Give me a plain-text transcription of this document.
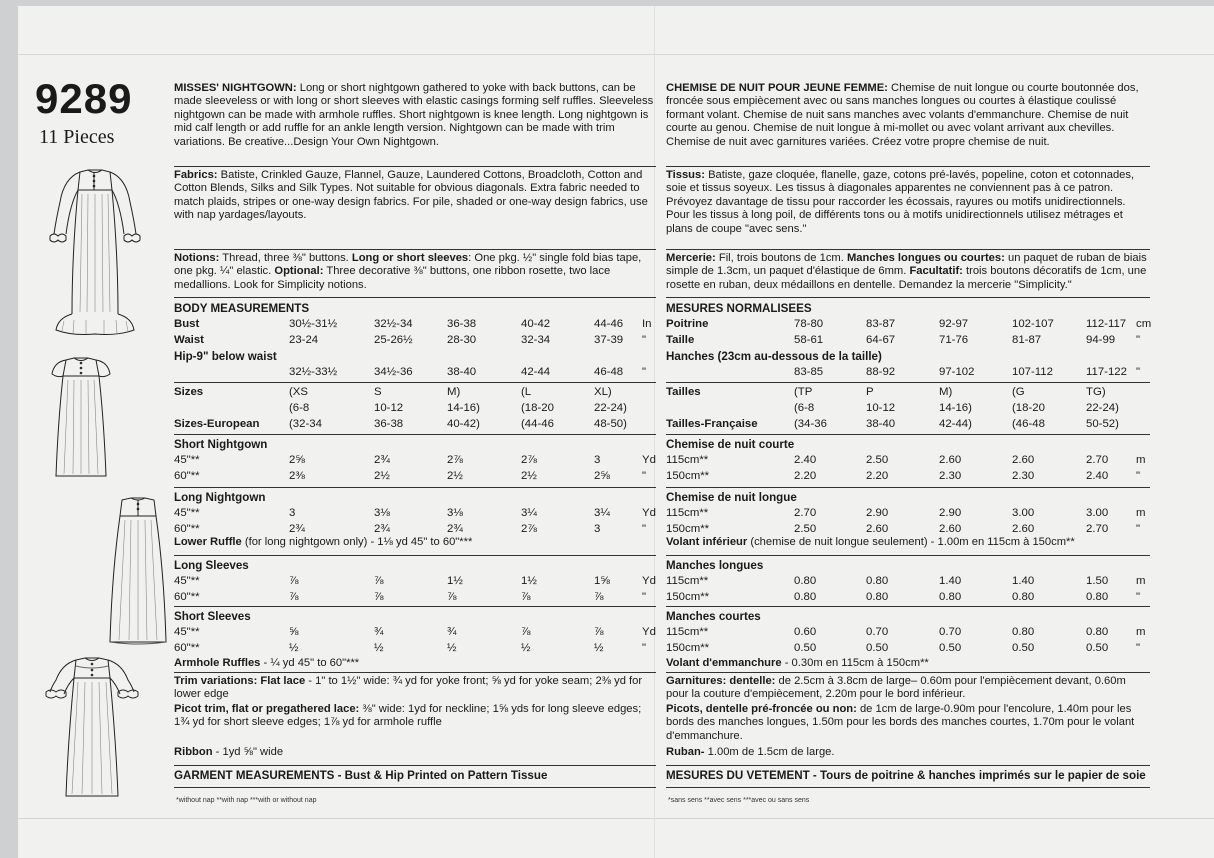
9289
11 Pieces
MISSES' NIGHTGOWN: Long or short nightgown gathered to yoke with back buttons, can be made sleeveless or with long or short sleeves with elastic casings forming self ruffles. Sleeveless nightgown can be made with armhole ruffles. Short nightgown is knee length. Long nightgown is mid calf length or add ruffle for an ankle length version. Nightgown can be made with trim variations. Be creative...Design Your Own Nightgown.
Fabrics: Batiste, Crinkled Gauze, Flannel, Gauze, Laundered Cottons, Broadcloth, Cotton and Cotton Blends, Silks and Silk Types. Not suitable for obvious diagonals. Extra fabric needed to match plaids, stripes or one-way design fabrics. For pile, shaded or one-way design fabrics, use with nap yardages/layouts.
Notions: Thread, three ⅜" buttons. Long or short sleeves: One pkg. ½" single fold bias tape, one pkg. ¼" elastic. Optional: Three decorative ⅜" buttons, one ribbon rosette, two lace medallions. Look for Simplicity notions.
BODY MEASUREMENTS
Bust	30½-31½	32½-34	36-38	40-42	44-46 In
Waist	23-24	25-26½	28-30	32-34	37-39 "
Hip-9" below waist
32½-33½	34½-36	38-40	42-44	46-48 "
Sizes	(XS	S	M)	(L	XL)
(6-8	10-12	14-16)	(18-20	22-24)
Sizes-European	(32-34	36-38	40-42)	(44-46	48-50)
Short Nightgown
45"**	2⅝	2¾	2⅞	2⅞	3	Yd
60"**	2⅜	2½	2½	2½	2⅝	"
Long Nightgown
45"**	3	3⅛	3⅛	3¼	3¼	Yd
60"**	2¾	2¾	2¾	2⅞	3	"
Long Sleeves
45"**	⅞	⅞	1½	1½	1⅝	Yd
60"**	⅞	⅞	⅞	⅞	⅞	"
Short Sleeves
45"**	⅝	¾	¾	⅞	⅞	Yd
60"**	½	½	½	½	½	"
Lower Ruffle (for long nightgown only) - 1⅛ yd 45" to 60"***
Armhole Ruffles - ¼ yd 45" to 60"***
Trim variations: Flat lace - 1" to 1½" wide: ¾ yd for yoke front; ⅝ yd for yoke seam; 2⅜ yd for lower edge
Picot trim, flat or pregathered lace: ⅜" wide: 1yd for neckline; 1⅝ yds for long sleeve edges; 1¾ yd for short sleeve edges; 1⅞ yd for armhole ruffle
Ribbon - 1yd ⅝" wide
GARMENT MEASUREMENTS - Bust & Hip Printed on Pattern Tissue
*without nap **with nap ***with or without nap
CHEMISE DE NUIT POUR JEUNE FEMME: Chemise de nuit longue ou courte boutonnée dos, froncée sous empiècement avec ou sans manches longues ou courtes à élastique coulissé formant volant. Chemise de nuit sans manches avec volants d'emmanchure. Chemise de nuit courte au genou. Chemise de nuit longue à mi-mollet ou avec volant arrivant aux chevilles. Chemise de nuit avec garnitures variées. Créez votre propre chemise de nuit.
Tissus: Batiste, gaze cloquée, flanelle, gaze, cotons pré-lavés, popeline, coton et cotonnades, soie et tissus soyeux. Les tissus à diagonales apparentes ne conviennent pas à ce patron. Prévoyez davantage de tissu pour raccorder les écossais, rayures ou motifs unidirectionnels. Pour les tissus à long poil, de différents tons ou à motifs unidirectionnels utilisez métrages et plans de coupe "avec sens."
Mercerie: Fil, trois boutons de 1cm. Manches longues ou courtes: un paquet de ruban de biais simple de 1.3cm, un paquet d'élastique de 6mm. Facultatif: trois boutons décoratifs de 1cm, une rosette en ruban, deux médaillons en dentelle. Demandez la mercerie "Simplicity."
MESURES NORMALISEES
Poitrine	78-80	83-87	92-97	102-107	112-117 cm
Taille	58-61	64-67	71-76	81-87	94-99 "
Hanches (23cm au-dessous de la taille)
83-85	88-92	97-102	107-112	117-122 "
Tailles	(TP	P	M)	(G	TG)
(6-8	10-12	14-16)	(18-20	22-24)
Tailles-Française	(34-36	38-40	42-44)	(46-48	50-52)
Chemise de nuit courte
115cm**	2.40	2.50	2.60	2.60	2.70 m
150cm**	2.20	2.20	2.30	2.30	2.40 "
Chemise de nuit longue
115cm**	2.70	2.90	2.90	3.00	3.00 m
150cm**	2.50	2.60	2.60	2.60	2.70 "
Manches longues
115cm**	0.80	0.80	1.40	1.40	1.50 m
150cm**	0.80	0.80	0.80	0.80	0.80 "
Manches courtes
115cm**	0.60	0.70	0.70	0.80	0.80 m
150cm**	0.50	0.50	0.50	0.50	0.50 "
Volant inférieur (chemise de nuit longue seulement) - 1.00m en 115cm à 150cm**
Volant d'emmanchure - 0.30m en 115cm à 150cm**
Garnitures: dentelle: de 2.5cm à 3.8cm de large– 0.60m pour l'empiècement devant, 0.60m pour la couture d'empiècement, 2.20m pour le bord inférieur.
Picots, dentelle pré-froncée ou non: de 1cm de large-0.90m pour l'encolure, 1.40m pour les bords des manches longues, 1.50m pour les bords des manches courtes, 1.70m pour le volant d'emmanchure.
Ruban- 1.00m de 1.5cm de large.
MESURES DU VETEMENT - Tours de poitrine & hanches imprimés sur le papier de soie
*sans sens **avec sens ***avec ou sans sens
